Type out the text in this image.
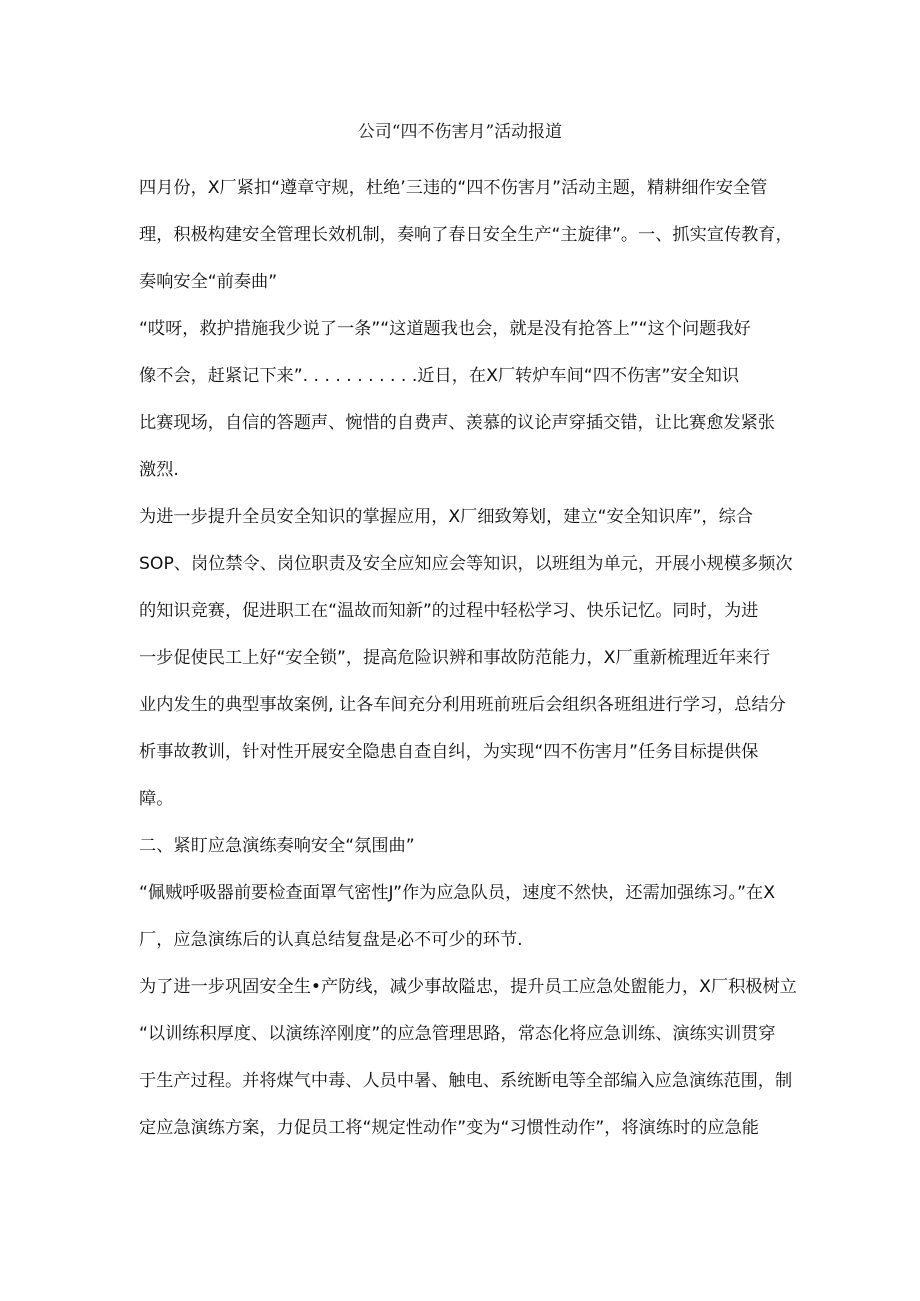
公司“四不伤害月”活动报道
四月份，X厂紧扣“遵章守规，杜绝’三违的“四不伤害月”活动主题，精耕细作安全管
理，积极构建安全管理长效机制，奏响了春日安全生产“主旋律”。一、抓实宣传教育，
奏响安全“前奏曲”
“哎呀，救护措施我少说了一条”“这道题我也会，就是没有抢答上”“这个问题我好
像不会，赶紧记下来”. . . . . . . . . . .近日，在X厂转炉车间“四不伤害”安全知识
比赛现场，自信的答题声、惋惜的自费声、羡慕的议论声穿插交错，让比赛愈发紧张
激烈.
为进一步提升全员安全知识的掌握应用，X厂细致筹划，建立“安全知识库”，综合
SOP、岗位禁令、岗位职责及安全应知应会等知识，以班组为单元，开展小规模多频次
的知识竞赛，促进职工在“温故而知新”的过程中轻松学习、快乐记忆。同时，为进
一步促使民工上好“安全锁”，提高危险识辨和事故防范能力，X厂重新梳理近年来行
业内发生的典型事故案例, 让各车间充分利用班前班后会组织各班组进行学习，总结分
析事故教训，针对性开展安全隐患自查自纠，为实现“四不伤害月”任务目标提供保
障。
二、紧盯应急演练奏响安全“氛围曲”
“佩贼呼吸器前要检查面罩气密性J”作为应急队员，速度不然快，还需加强练习。”在X
厂，应急演练后的认真总结复盘是必不可少的环节.
为了进一步巩固安全生•产防线，减少事故隘忠，提升员工应急处盥能力，X厂积极树立
“以训练积厚度、以演练淬刚度”的应急管理思路，常态化将应急训练、演练实训贯穿
于生产过程。并将煤气中毒、人员中暑、触电、系统断电等全部编入应急演练范围，制
定应急演练方案，力促员工将“规定性动作”变为“习惯性动作”，将演练时的应急能
